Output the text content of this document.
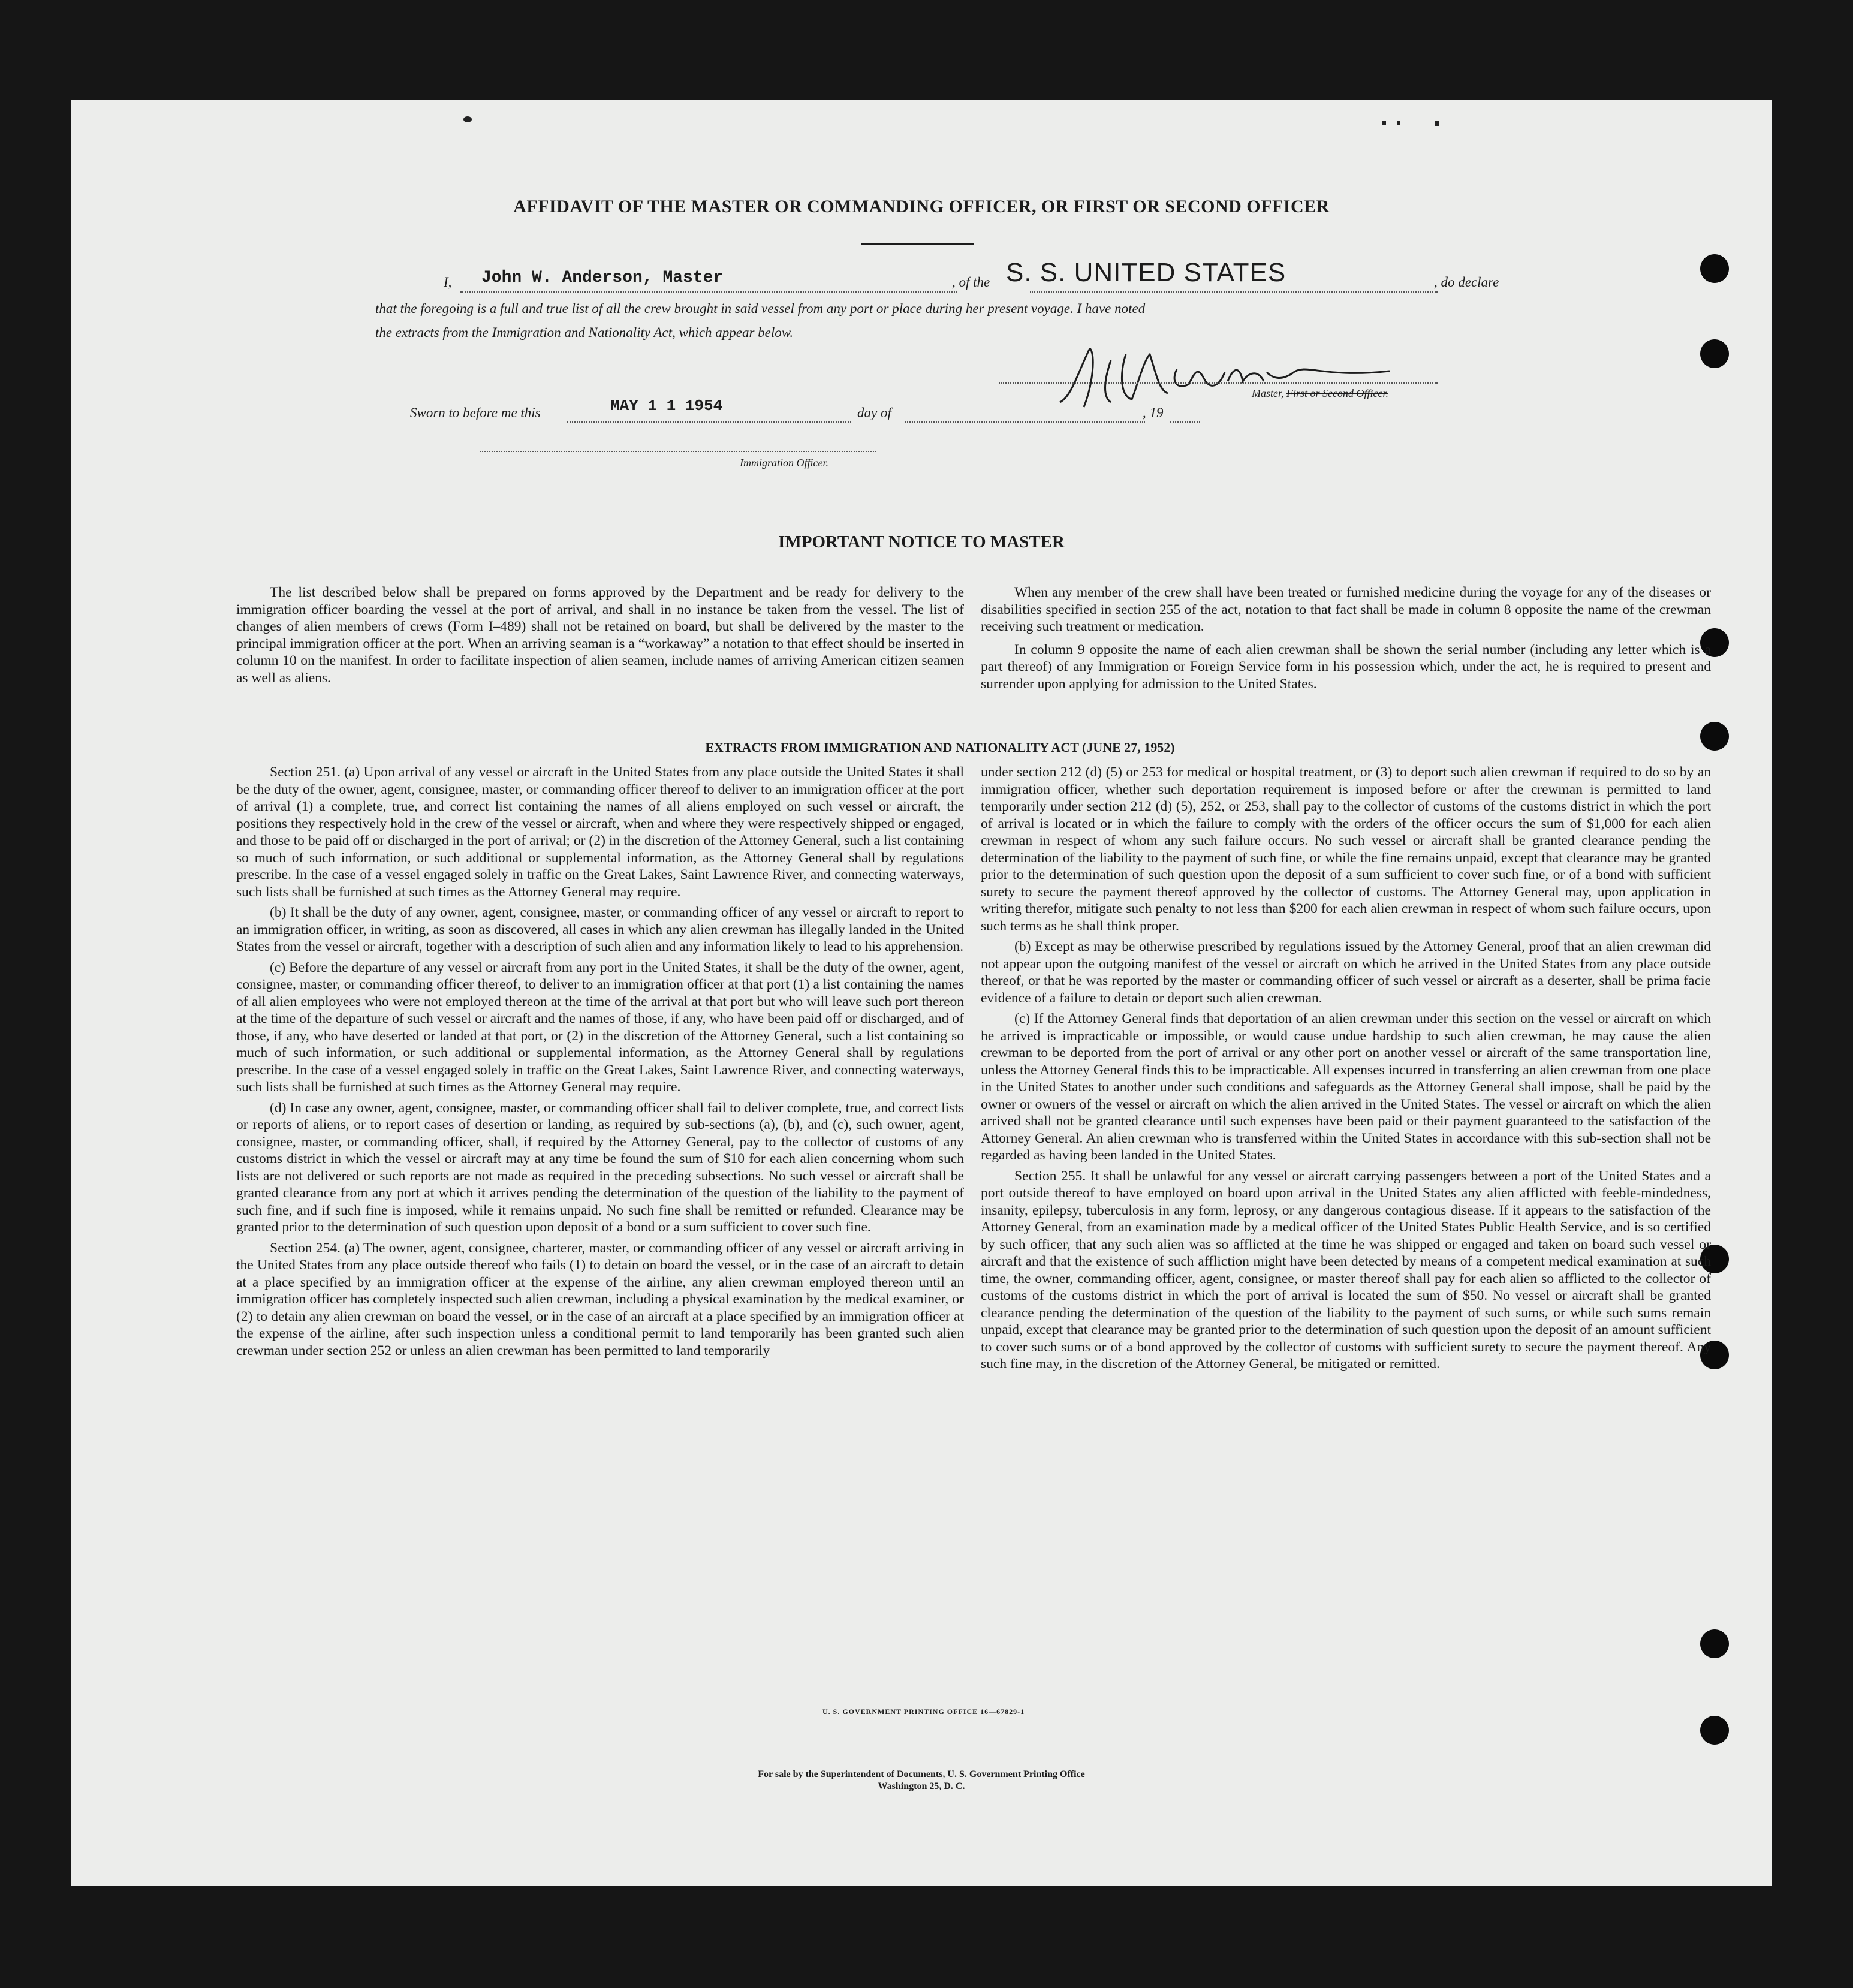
AFFIDAVIT OF THE MASTER OR COMMANDING OFFICER, OR FIRST OR SECOND OFFICER
I, John W. Anderson, Master	, of the S. S. UNITED STATES	, do declare
that the foregoing is a full and true list of all the crew brought in said vessel from any port or place during her present voyage. I have noted
the extracts from the Immigration and Nationality Act, which appear below.
Master, First or Second Officer.
Sworn to before me this	MAY 1 1 1954	day of	, 19
Immigration Officer.
IMPORTANT NOTICE TO MASTER

The list described below shall be prepared on forms approved by the Department and be ready for delivery to the immigration officer boarding the vessel at the port of arrival, and shall in no instance be taken from the vessel. The list of changes of alien members of crews (Form I–489) shall not be retained on board, but shall be delivered by the master to the principal immigration officer at the port. When an arriving seaman is a “workaway” a notation to that effect should be inserted in column 10 on the manifest. In order to facilitate inspection of alien seamen, include names of arriving American citizen seamen as well as aliens.

When any member of the crew shall have been treated or furnished medicine during the voyage for any of the diseases or disabilities specified in section 255 of the act, notation to that fact shall be made in column 8 opposite the name of the crewman receiving such treatment or medication.

In column 9 opposite the name of each alien crewman shall be shown the serial number (including any letter which is a part thereof) of any Immigration or Foreign Service form in his possession which, under the act, he is required to present and surrender upon applying for admission to the United States.

EXTRACTS FROM IMMIGRATION AND NATIONALITY ACT (JUNE 27, 1952)

Section 251. (a) Upon arrival of any vessel or aircraft in the United States from any place outside the United States it shall be the duty of the owner, agent, consignee, master, or commanding officer thereof to deliver to an immigration officer at the port of arrival (1) a complete, true, and correct list containing the names of all aliens employed on such vessel or aircraft, the positions they respectively hold in the crew of the vessel or aircraft, when and where they were respectively shipped or engaged, and those to be paid off or discharged in the port of arrival; or (2) in the discretion of the Attorney General, such a list containing so much of such information, or such additional or supplemental information, as the Attorney General shall by regulations prescribe. In the case of a vessel engaged solely in traffic on the Great Lakes, Saint Lawrence River, and connecting waterways, such lists shall be furnished at such times as the Attorney General may require.

(b) It shall be the duty of any owner, agent, consignee, master, or commanding officer of any vessel or aircraft to report to an immigration officer, in writing, as soon as discovered, all cases in which any alien crewman has illegally landed in the United States from the vessel or aircraft, together with a description of such alien and any information likely to lead to his apprehension.

(c) Before the departure of any vessel or aircraft from any port in the United States, it shall be the duty of the owner, agent, consignee, master, or commanding officer thereof, to deliver to an immigration officer at that port (1) a list containing the names of all alien employees who were not employed thereon at the time of the arrival at that port but who will leave such port thereon at the time of the departure of such vessel or aircraft and the names of those, if any, who have been paid off or discharged, and of those, if any, who have deserted or landed at that port, or (2) in the discretion of the Attorney General, such a list containing so much of such information, or such additional or supplemental information, as the Attorney General shall by regulations prescribe. In the case of a vessel engaged solely in traffic on the Great Lakes, Saint Lawrence River, and connecting waterways, such lists shall be furnished at such times as the Attorney General may require.

(d) In case any owner, agent, consignee, master, or commanding officer shall fail to deliver complete, true, and correct lists or reports of aliens, or to report cases of desertion or landing, as required by sub-sections (a), (b), and (c), such owner, agent, consignee, master, or commanding officer, shall, if required by the Attorney General, pay to the collector of customs of any customs district in which the vessel or aircraft may at any time be found the sum of $10 for each alien concerning whom such lists are not delivered or such reports are not made as required in the preceding subsections. No such vessel or aircraft shall be granted clearance from any port at which it arrives pending the determination of the question of the liability to the payment of such fine, and if such fine is imposed, while it remains unpaid. No such fine shall be remitted or refunded. Clearance may be granted prior to the determination of such question upon deposit of a bond or a sum sufficient to cover such fine.

Section 254. (a) The owner, agent, consignee, charterer, master, or commanding officer of any vessel or aircraft arriving in the United States from any place outside thereof who fails (1) to detain on board the vessel, or in the case of an aircraft to detain at a place specified by an immigration officer at the expense of the airline, any alien crewman employed thereon until an immigration officer has completely inspected such alien crewman, including a physical examination by the medical examiner, or (2) to detain any alien crewman on board the vessel, or in the case of an aircraft at a place specified by an immigration officer at the expense of the airline, after such inspection unless a conditional permit to land temporarily has been granted such alien crewman under section 252 or unless an alien crewman has been permitted to land temporarily

under section 212 (d) (5) or 253 for medical or hospital treatment, or (3) to deport such alien crewman if required to do so by an immigration officer, whether such deportation requirement is imposed before or after the crewman is permitted to land temporarily under section 212 (d) (5), 252, or 253, shall pay to the collector of customs of the customs district in which the port of arrival is located or in which the failure to comply with the orders of the officer occurs the sum of $1,000 for each alien crewman in respect of whom any such failure occurs. No such vessel or aircraft shall be granted clearance pending the determination of the liability to the payment of such fine, or while the fine remains unpaid, except that clearance may be granted prior to the determination of such question upon the deposit of a sum sufficient to cover such fine, or of a bond with sufficient surety to secure the payment thereof approved by the collector of customs. The Attorney General may, upon application in writing therefor, mitigate such penalty to not less than $200 for each alien crewman in respect of whom such failure occurs, upon such terms as he shall think proper.

(b) Except as may be otherwise prescribed by regulations issued by the Attorney General, proof that an alien crewman did not appear upon the outgoing manifest of the vessel or aircraft on which he arrived in the United States from any place outside thereof, or that he was reported by the master or commanding officer of such vessel or aircraft as a deserter, shall be prima facie evidence of a failure to detain or deport such alien crewman.

(c) If the Attorney General finds that deportation of an alien crewman under this section on the vessel or aircraft on which he arrived is impracticable or impossible, or would cause undue hardship to such alien crewman, he may cause the alien crewman to be deported from the port of arrival or any other port on another vessel or aircraft of the same transportation line, unless the Attorney General finds this to be impracticable. All expenses incurred in transferring an alien crewman from one place in the United States to another under such conditions and safeguards as the Attorney General shall impose, shall be paid by the owner or owners of the vessel or aircraft on which the alien arrived in the United States. The vessel or aircraft on which the alien arrived shall not be granted clearance until such expenses have been paid or their payment guaranteed to the satisfaction of the Attorney General. An alien crewman who is transferred within the United States in accordance with this sub-section shall not be regarded as having been landed in the United States.

Section 255. It shall be unlawful for any vessel or aircraft carrying passengers between a port of the United States and a port outside thereof to have employed on board upon arrival in the United States any alien afflicted with feeble-mindedness, insanity, epilepsy, tuberculosis in any form, leprosy, or any dangerous contagious disease. If it appears to the satisfaction of the Attorney General, from an examination made by a medical officer of the United States Public Health Service, and is so certified by such officer, that any such alien was so afflicted at the time he was shipped or engaged and taken on board such vessel or aircraft and that the existence of such affliction might have been detected by means of a competent medical examination at such time, the owner, commanding officer, agent, consignee, or master thereof shall pay for each alien so afflicted to the collector of customs of the customs district in which the port of arrival is located the sum of $50. No vessel or aircraft shall be granted clearance pending the determination of the question of the liability to the payment of such sums, or while such sums remain unpaid, except that clearance may be granted prior to the determination of such question upon the deposit of an amount sufficient to cover such sums or of a bond approved by the collector of customs with sufficient surety to secure the payment thereof. Any such fine may, in the discretion of the Attorney General, be mitigated or remitted.

U. S. GOVERNMENT PRINTING OFFICE 16—67829-1
For sale by the Superintendent of Documents, U. S. Government Printing Office
Washington 25, D. C.
